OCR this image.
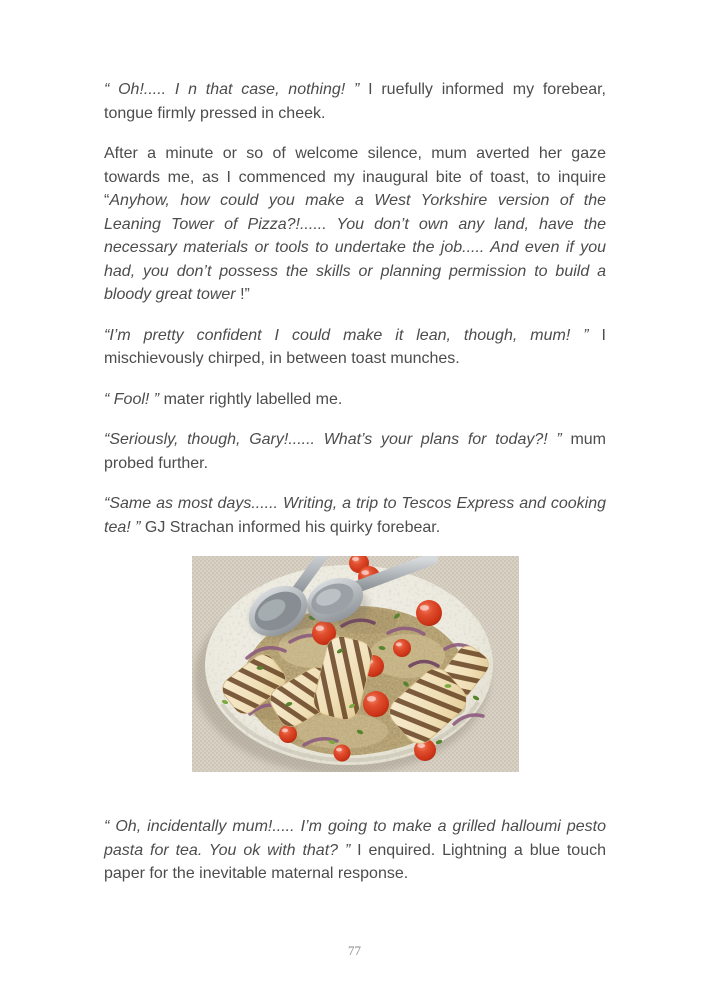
“ Oh!..... I n that case, nothing! ” I ruefully informed my forebear, tongue firmly pressed in cheek.

After a minute or so of welcome silence, mum averted her gaze towards me, as I commenced my inaugural bite of toast, to inquire “Anyhow, how could you make a West Yorkshire version of the Leaning Tower of Pizza?!...... You don’t own any land, have the necessary materials or tools to undertake the job..... And even if you had, you don’t possess the skills or planning permission to build a bloody great tower !”

“I’m pretty confident I could make it lean, though, mum! ” I mischievously chirped, in between toast munches.

“ Fool! ” mater rightly labelled me.

“Seriously, though, Gary!...... What’s your plans for today?! ” mum probed further.

“Same as most days...... Writing, a trip to Tescos Express and cooking tea! ” GJ Strachan informed his quirky forebear.

“ Oh, incidentally mum!..... I’m going to make a grilled halloumi pesto pasta for tea. You ok with that? ” I enquired. Lightning a blue touch paper for the inevitable maternal response.

77
